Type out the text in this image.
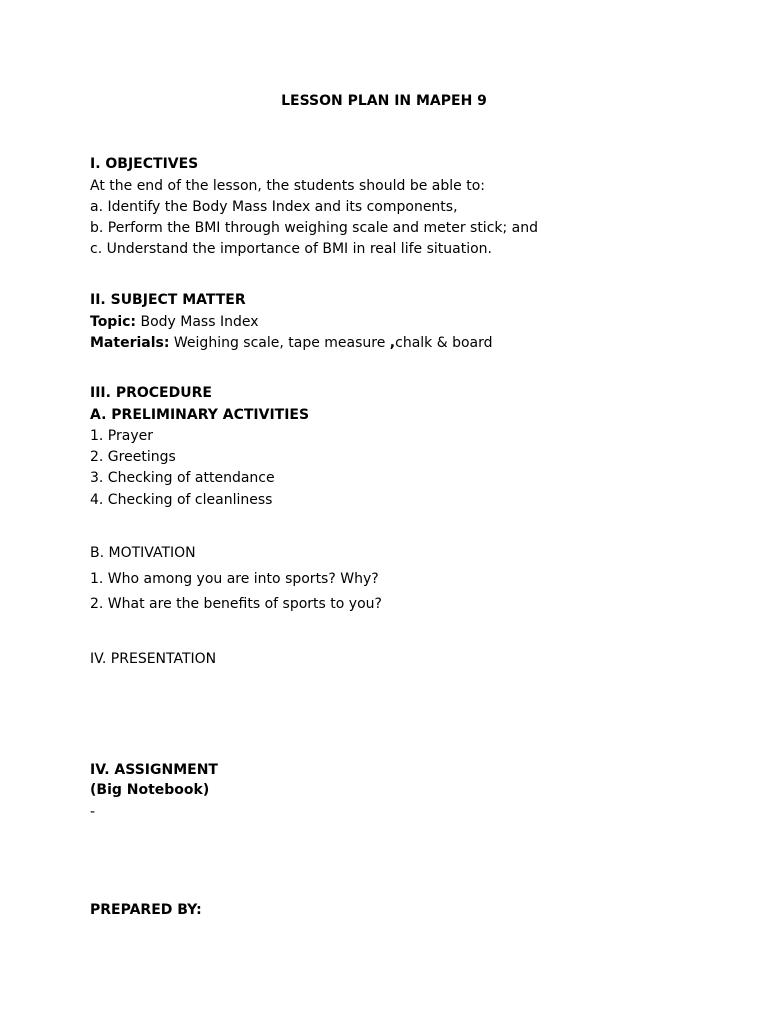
LESSON PLAN IN MAPEH 9
I. OBJECTIVES
At the end of the lesson, the students should be able to:
a. Identify the Body Mass Index and its components,
b. Perform the BMI through weighing scale and meter stick; and
c. Understand the importance of BMI in real life situation.
II. SUBJECT MATTER
Topic: Body Mass Index
Materials: Weighing scale, tape measure ,chalk & board
III. PROCEDURE
A. PRELIMINARY ACTIVITIES
1. Prayer
2. Greetings
3. Checking of attendance
4. Checking of cleanliness
B. MOTIVATION
1. Who among you are into sports? Why?
2. What are the benefits of sports to you?
IV. PRESENTATION
IV. ASSIGNMENT
(Big Notebook)
-
PREPARED BY:
